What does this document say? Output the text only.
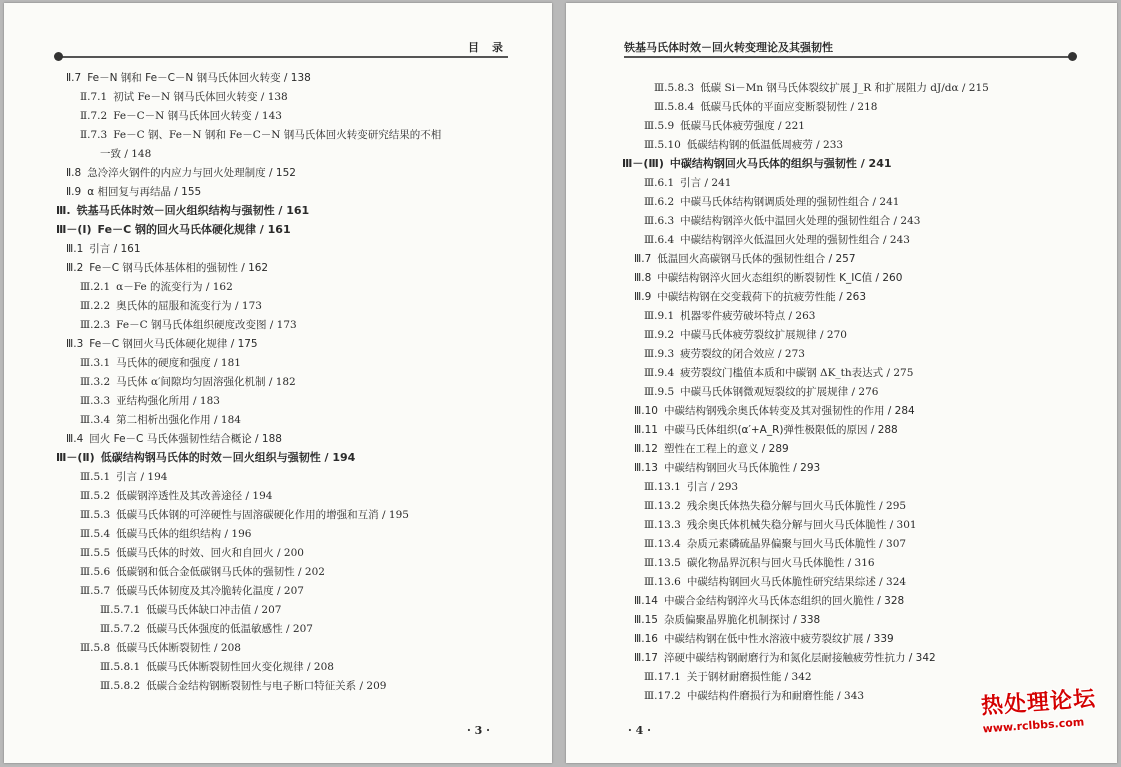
目　录
Ⅱ.7 Fe－N 钢和 Fe－C－N 钢马氏体回火转变 / 138
Ⅱ.7.1 初试 Fe－N 钢马氏体回火转变 / 138
Ⅱ.7.2 Fe－C－N 钢马氏体回火转变 / 143
Ⅱ.7.3 Fe－C 钢、Fe－N 钢和 Fe－C－N 钢马氏体回火转变研究结果的不相
一致 / 148
Ⅱ.8 急冷淬火钢件的内应力与回火处理制度 / 152
Ⅱ.9 α 相回复与再结晶 / 155
Ⅲ. 铁基马氏体时效－回火组织结构与强韧性 / 161
Ⅲ－(Ⅰ) Fe－C 钢的回火马氏体硬化规律 / 161
Ⅲ.1 引言 / 161
Ⅲ.2 Fe－C 钢马氏体基体相的强韧性 / 162
Ⅲ.2.1 α－Fe 的流变行为 / 162
Ⅲ.2.2 奥氏体的屈服和流变行为 / 173
Ⅲ.2.3 Fe－C 钢马氏体组织硬度改变图 / 173
Ⅲ.3 Fe－C 钢回火马氏体硬化规律 / 175
Ⅲ.3.1 马氏体的硬度和强度 / 181
Ⅲ.3.2 马氏体 α′间隙均匀固溶强化机制 / 182
Ⅲ.3.3 亚结构强化所用 / 183
Ⅲ.3.4 第二相析出强化作用 / 184
Ⅲ.4 回火 Fe－C 马氏体强韧性结合概论 / 188
Ⅲ－(Ⅱ) 低碳结构钢马氏体的时效－回火组织与强韧性 / 194
Ⅲ.5.1 引言 / 194
Ⅲ.5.2 低碳钢淬透性及其改善途径 / 194
Ⅲ.5.3 低碳马氏体钢的可淬硬性与固溶碳硬化作用的增强和互消 / 195
Ⅲ.5.4 低碳马氏体的组织结构 / 196
Ⅲ.5.5 低碳马氏体的时效、回火和自回火 / 200
Ⅲ.5.6 低碳钢和低合金低碳钢马氏体的强韧性 / 202
Ⅲ.5.7 低碳马氏体韧度及其冷脆转化温度 / 207
Ⅲ.5.7.1 低碳马氏体缺口冲击值 / 207
Ⅲ.5.7.2 低碳马氏体强度的低温敏感性 / 207
Ⅲ.5.8 低碳马氏体断裂韧性 / 208
Ⅲ.5.8.1 低碳马氏体断裂韧性回火变化规律 / 208
Ⅲ.5.8.2 低碳合金结构钢断裂韧性与电子断口特征关系 / 209
· 3 ·
铁基马氏体时效－回火转变理论及其强韧性
Ⅲ.5.8.3 低碳 Si－Mn 钢马氏体裂纹扩展 J_R 和扩展阻力 dJ/dα / 215
Ⅲ.5.8.4 低碳马氏体的平面应变断裂韧性 / 218
Ⅲ.5.9 低碳马氏体疲劳强度 / 221
Ⅲ.5.10 低碳结构钢的低温低周疲劳 / 233
Ⅲ－(Ⅲ) 中碳结构钢回火马氏体的组织与强韧性 / 241
Ⅲ.6.1 引言 / 241
Ⅲ.6.2 中碳马氏体结构钢调质处理的强韧性组合 / 241
Ⅲ.6.3 中碳结构钢淬火低中温回火处理的强韧性组合 / 243
Ⅲ.6.4 中碳结构钢淬火低温回火处理的强韧性组合 / 243
Ⅲ.7 低温回火高碳钢马氏体的强韧性组合 / 257
Ⅲ.8 中碳结构钢淬火回火态组织的断裂韧性 K_IC值 / 260
Ⅲ.9 中碳结构钢在交变载荷下的抗疲劳性能 / 263
Ⅲ.9.1 机器零件疲劳破坏特点 / 263
Ⅲ.9.2 中碳马氏体疲劳裂纹扩展规律 / 270
Ⅲ.9.3 疲劳裂纹的闭合效应 / 273
Ⅲ.9.4 疲劳裂纹门槛值本质和中碳钢 ΔK_th表达式 / 275
Ⅲ.9.5 中碳马氏体钢微观短裂纹的扩展规律 / 276
Ⅲ.10 中碳结构钢残余奥氏体转变及其对强韧性的作用 / 284
Ⅲ.11 中碳马氏体组织(α′+A_R)弹性极限低的原因 / 288
Ⅲ.12 塑性在工程上的意义 / 289
Ⅲ.13 中碳结构钢回火马氏体脆性 / 293
Ⅲ.13.1 引言 / 293
Ⅲ.13.2 残余奥氏体热失稳分解与回火马氏体脆性 / 295
Ⅲ.13.3 残余奥氏体机械失稳分解与回火马氏体脆性 / 301
Ⅲ.13.4 杂质元素磷硫晶界偏聚与回火马氏体脆性 / 307
Ⅲ.13.5 碳化物晶界沉积与回火马氏体脆性 / 316
Ⅲ.13.6 中碳结构钢回火马氏体脆性研究结果综述 / 324
Ⅲ.14 中碳合金结构钢淬火马氏体态组织的回火脆性 / 328
Ⅲ.15 杂质偏聚晶界脆化机制探讨 / 338
Ⅲ.16 中碳结构钢在低中性水溶液中疲劳裂纹扩展 / 339
Ⅲ.17 淬硬中碳结构钢耐磨行为和氮化层耐接触疲劳性抗力 / 342
Ⅲ.17.1 关于钢材耐磨损性能 / 342
Ⅲ.17.2 中碳结构件磨损行为和耐磨性能 / 343
· 4 ·
热处理论坛
www.rclbbs.com
